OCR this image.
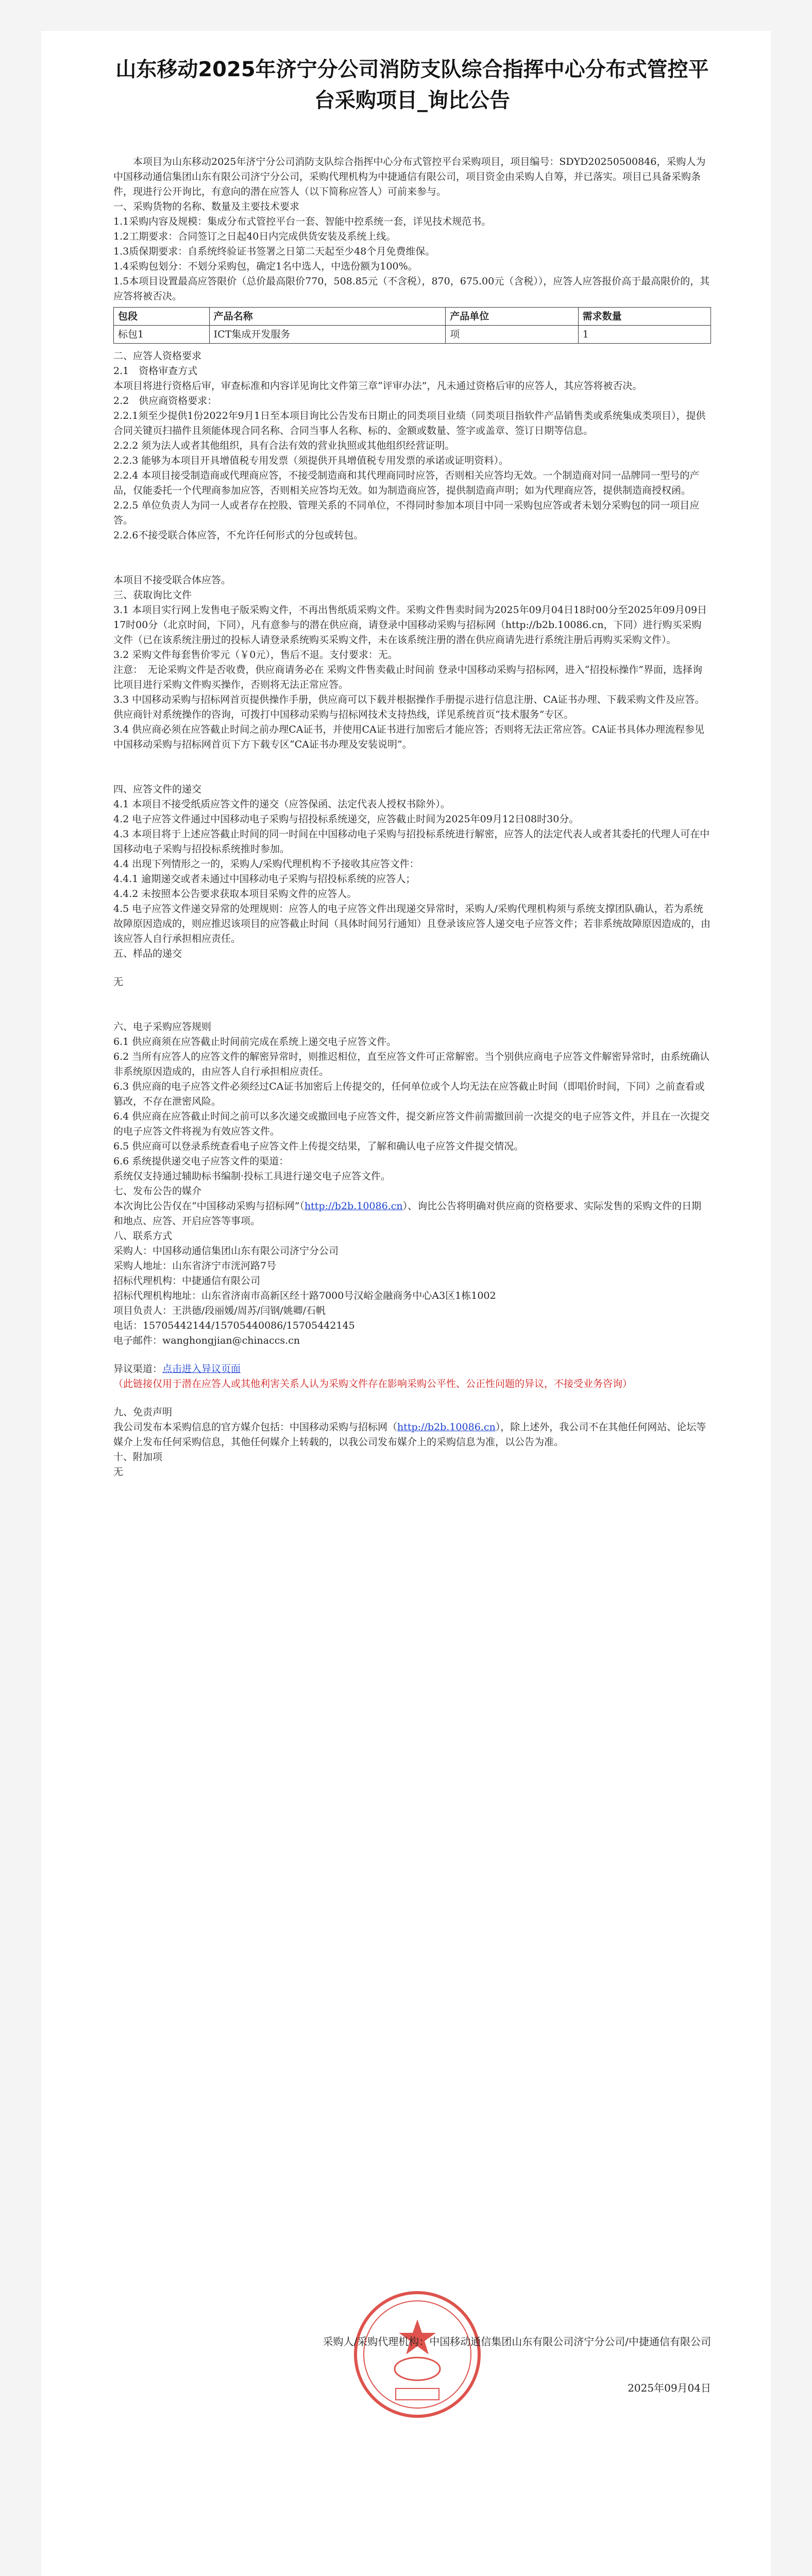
山东移动2025年济宁分公司消防支队综合指挥中心分布式管控平台采购项目_询比公告

本项目为山东移动2025年济宁分公司消防支队综合指挥中心分布式管控平台采购项目，项目编号：SDYD20250500846，采购人为中国移动通信集团山东有限公司济宁分公司，采购代理机构为中捷通信有限公司，项目资金由采购人自筹，并已落实。项目已具备采购条件，现进行公开询比，有意向的潜在应答人（以下简称应答人）可前来参与。

一、采购货物的名称、数量及主要技术要求

1.1采购内容及规模：集成分布式管控平台一套、智能中控系统一套，详见技术规范书。

1.2工期要求：合同签订之日起40日内完成供货安装及系统上线。

1.3质保期要求：自系统终验证书签署之日第二天起至少48个月免费维保。

1.4采购包划分：不划分采购包，确定1名中选人，中选份额为100%。

1.5本项目设置最高应答限价（总价最高限价770，508.85元（不含税），870，675.00元（含税）），应答人应答报价高于最高限价的，其应答将被否决。

包段	产品名称	产品单位	需求数量
标包1	ICT集成开发服务	项	1

二、应答人资格要求

2.1　资格审查方式

本项目将进行资格后审，审查标准和内容详见询比文件第三章“评审办法”，凡未通过资格后审的应答人，其应答将被否决。

2.2　供应商资格要求：

2.2.1须至少提供1份2022年9月1日至本项目询比公告发布日期止的同类项目业绩（同类项目指软件产品销售类或系统集成类项目），提供合同关键页扫描件且须能体现合同名称、合同当事人名称、标的、金额或数量、签字或盖章、签订日期等信息。

2.2.2 须为法人或者其他组织，具有合法有效的营业执照或其他组织经营证明。

2.2.3 能够为本项目开具增值税专用发票（须提供开具增值税专用发票的承诺或证明资料）。

2.2.4 本项目接受制造商或代理商应答，不接受制造商和其代理商同时应答，否则相关应答均无效。一个制造商对同一品牌同一型号的产品，仅能委托一个代理商参加应答，否则相关应答均无效。如为制造商应答，提供制造商声明；如为代理商应答，提供制造商授权函。

2.2.5 单位负责人为同一人或者存在控股、管理关系的不同单位，不得同时参加本项目中同一采购包应答或者未划分采购包的同一项目应答。

2.2.6不接受联合体应答，不允许任何形式的分包或转包。

本项目不接受联合体应答。

三、获取询比文件

3.1 本项目实行网上发售电子版采购文件，不再出售纸质采购文件。采购文件售卖时间为2025年09月04日18时00分至2025年09月09日17时00分（北京时间，下同），凡有意参与的潜在供应商，请登录中国移动采购与招标网（http://b2b.10086.cn，下同）进行购买采购文件（已在该系统注册过的投标人请登录系统购买采购文件，未在该系统注册的潜在供应商请先进行系统注册后再购买采购文件）。

3.2 采购文件每套售价零元（￥0元），售后不退。支付要求：无。

注意：　无论采购文件是否收费，供应商请务必在 采购文件售卖截止时间前 登录中国移动采购与招标网，进入“招投标操作”界面，选择询比项目进行采购文件购买操作，否则将无法正常应答。

3.3 中国移动采购与招标网首页提供操作手册，供应商可以下载并根据操作手册提示进行信息注册、CA证书办理、下载采购文件及应答。

供应商针对系统操作的咨询，可拨打中国移动采购与招标网技术支持热线，详见系统首页“技术服务”专区。

3.4 供应商必须在应答截止时间之前办理CA证书，并使用CA证书进行加密后才能应答；否则将无法正常应答。CA证书具体办理流程参见中国移动采购与招标网首页下方下载专区“CA证书办理及安装说明”。

四、应答文件的递交

4.1 本项目不接受纸质应答文件的递交（应答保函、法定代表人授权书除外）。

4.2 电子应答文件通过中国移动电子采购与招投标系统递交，应答截止时间为2025年09月12日08时30分。

4.3 本项目将于上述应答截止时间的同一时间在中国移动电子采购与招投标系统进行解密，应答人的法定代表人或者其委托的代理人可在中国移动电子采购与招投标系统推时参加。

4.4 出现下列情形之一的，采购人/采购代理机构不予接收其应答文件：

4.4.1 逾期递交或者未通过中国移动电子采购与招投标系统的应答人；

4.4.2 未按照本公告要求获取本项目采购文件的应答人。

4.5 电子应答文件递交异常的处理规则：应答人的电子应答文件出现递交异常时，采购人/采购代理机构须与系统支撑团队确认，若为系统故障原因造成的，则应推迟该项目的应答截止时间（具体时间另行通知）且登录该应答人递交电子应答文件；若非系统故障原因造成的，由该应答人自行承担相应责任。

五、样品的递交

无

六、电子采购应答规则

6.1 供应商须在应答截止时间前完成在系统上递交电子应答文件。

6.2 当所有应答人的应答文件的解密异常时，则推迟相位，直至应答文件可正常解密。当个别供应商电子应答文件解密异常时，由系统确认非系统原因造成的，由应答人自行承担相应责任。

6.3 供应商的电子应答文件必须经过CA证书加密后上传提交的，任何单位或个人均无法在应答截止时间（即唱价时间，下同）之前查看或篡改，不存在泄密风险。

6.4 供应商在应答截止时间之前可以多次递交或撤回电子应答文件，提交新应答文件前需撤回前一次提交的电子应答文件，并且在一次提交的电子应答文件将视为有效应答文件。

6.5 供应商可以登录系统查看电子应答文件上传提交结果，了解和确认电子应答文件提交情况。

6.6 系统提供递交电子应答文件的渠道：

系统仅支持通过辅助标书编制·投标工具进行递交电子应答文件。

七、发布公告的媒介

本次询比公告仅在“中国移动采购与招标网”（http://b2b.10086.cn）、询比公告将明确对供应商的资格要求、实际发售的采购文件的日期和地点、应答、开启应答等事项。

八、联系方式

采购人：中国移动通信集团山东有限公司济宁分公司

采购人地址：山东省济宁市洸河路7号

招标代理机构：中捷通信有限公司

招标代理机构地址：山东省济南市高新区经十路7000号汉峪金融商务中心A3区1栋1002

项目负责人：王洪德/段丽媛/周苏/闫钢/姚卿/石帆

电话：15705442144/15705440086/15705442145

电子邮件：wanghongjian@chinaccs.cn

异议渠道：点击进入异议页面

（此链接仅用于潜在应答人或其他利害关系人认为采购文件存在影响采购公平性、公正性问题的异议，不接受业务咨询）

九、免责声明

我公司发布本采购信息的官方媒介包括：中国移动采购与招标网（http://b2b.10086.cn），除上述外，我公司不在其他任何网站、论坛等媒介上发布任何采购信息，其他任何媒介上转载的，以我公司发布媒介上的采购信息为准，以公告为准。

十、附加项

无

采购人/采购代理机构：中国移动通信集团山东有限公司济宁分公司/中捷通信有限公司
2025年09月04日
